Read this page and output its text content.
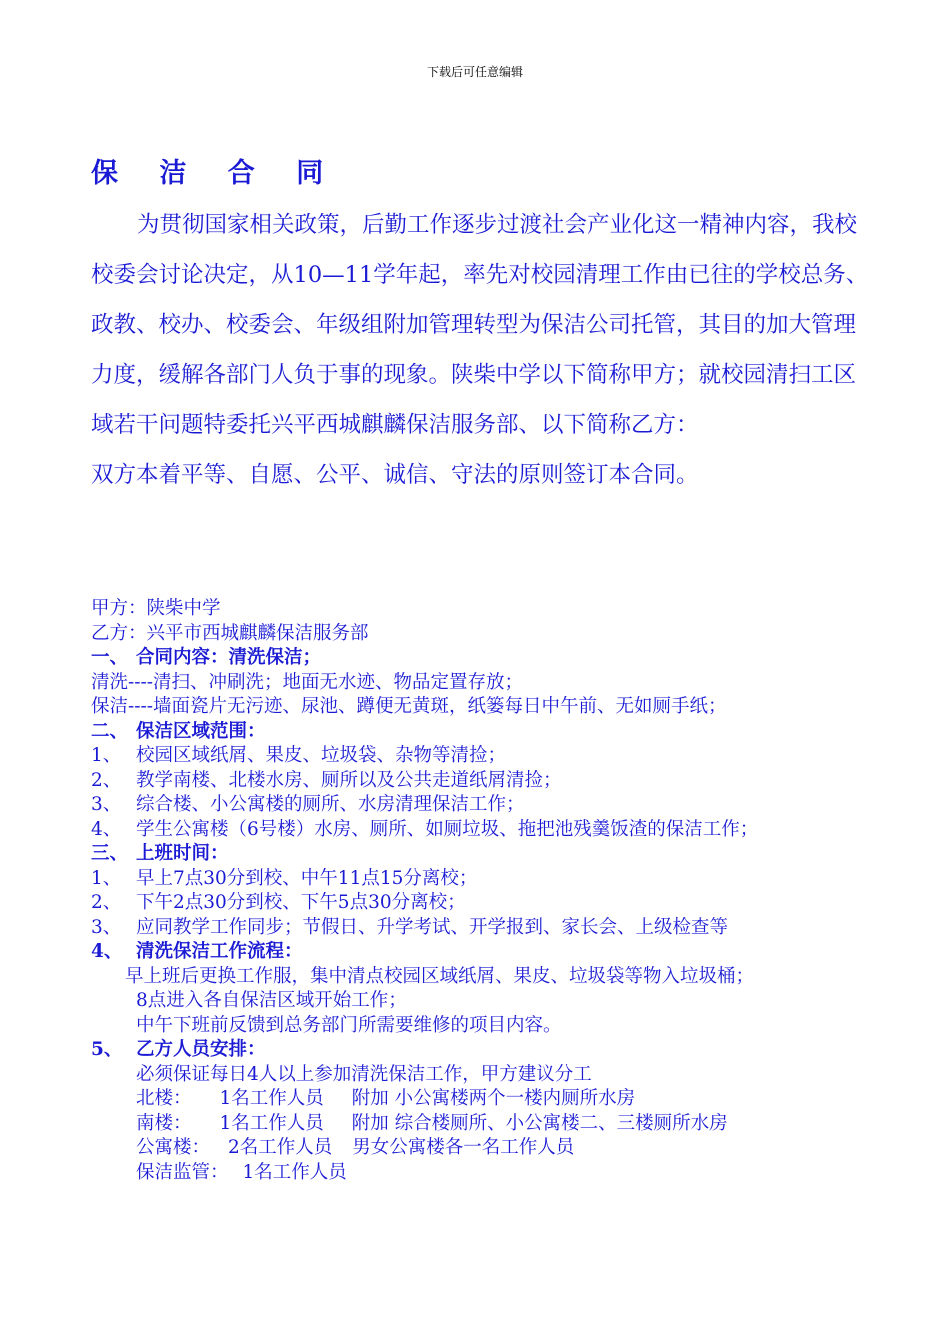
下载后可任意编辑
保 洁 合 同

为贯彻国家相关政策，后勤工作逐步过渡社会产业化这一精神内容，我校校委会讨论决定，从10—11学年起，率先对校园清理工作由已往的学校总务、政教、校办、校委会、年级组附加管理转型为保洁公司托管，其目的加大管理力度，缓解各部门人负于事的现象。陕柴中学以下简称甲方；就校园清扫工区域若干问题特委托兴平西城麒麟保洁服务部、以下简称乙方：

双方本着平等、自愿、公平、诚信、守法的原则签订本合同。

甲方：陕柴中学

乙方：兴平市西城麒麟保洁服务部

一、 合同内容：清洗保洁；

清洗----清扫、冲刷洗；地面无水迹、物品定置存放；

保洁----墙面瓷片无污迹、尿池、蹲便无黄斑，纸篓每日中午前、无如厕手纸；

二、 保洁区域范围：

1、 校园区域纸屑、果皮、垃圾袋、杂物等清捡；

2、 教学南楼、北楼水房、厕所以及公共走道纸屑清捡；

3、 综合楼、小公寓楼的厕所、水房清理保洁工作；

4、 学生公寓楼（6号楼）水房、厕所、如厕垃圾、拖把池残羹饭渣的保洁工作；

三、 上班时间：

1、 早上7点30分到校、中午11点15分离校；

2、 下午2点30分到校、下午5点30分离校；

3、 应同教学工作同步；节假日、升学考试、开学报到、家长会、上级检查等

4、 清洗保洁工作流程：

早上班后更换工作服，集中清点校园区域纸屑、果皮、垃圾袋等物入垃圾桶；

8点进入各自保洁区域开始工作；

中午下班前反馈到总务部门所需要维修的项目内容。

5、 乙方人员安排：

必须保证每日4人以上参加清洗保洁工作，甲方建议分工

北楼： 1名工作人员 附加 小公寓楼两个一楼内厕所水房

南楼： 1名工作人员 附加 综合楼厕所、小公寓楼二、三楼厕所水房

公寓楼： 2名工作人员 男女公寓楼各一名工作人员

保洁监管： 1名工作人员
